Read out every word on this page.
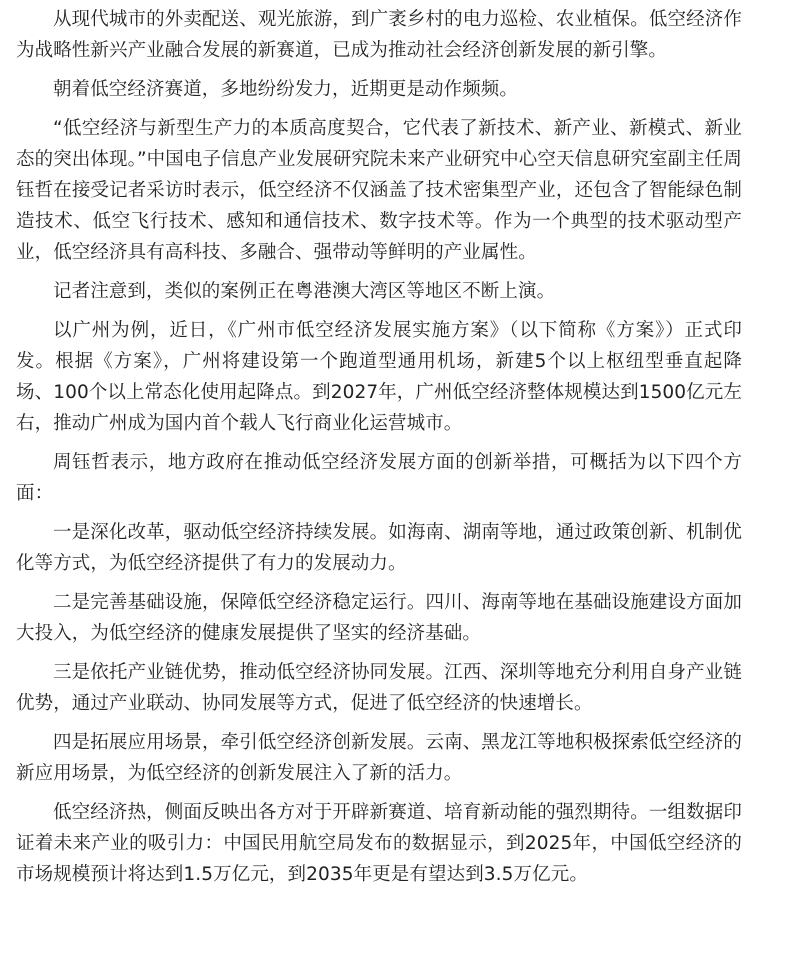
从现代城市的外卖配送、观光旅游，到广袤乡村的电力巡检、农业植保。低空经济作为战略性新兴产业融合发展的新赛道，已成为推动社会经济创新发展的新引擎。

朝着低空经济赛道，多地纷纷发力，近期更是动作频频。

“低空经济与新型生产力的本质高度契合，它代表了新技术、新产业、新模式、新业态的突出体现。”中国电子信息产业发展研究院未来产业研究中心空天信息研究室副主任周钰哲在接受记者采访时表示，低空经济不仅涵盖了技术密集型产业，还包含了智能绿色制造技术、低空飞行技术、感知和通信技术、数字技术等。作为一个典型的技术驱动型产业，低空经济具有高科技、多融合、强带动等鲜明的产业属性。

记者注意到，类似的案例正在粤港澳大湾区等地区不断上演。

以广州为例，近日，《广州市低空经济发展实施方案》（以下简称《方案》）正式印发。根据《方案》，广州将建设第一个跑道型通用机场，新建5个以上枢纽型垂直起降场、100个以上常态化使用起降点。到2027年，广州低空经济整体规模达到1500亿元左右，推动广州成为国内首个载人飞行商业化运营城市。

周钰哲表示，地方政府在推动低空经济发展方面的创新举措，可概括为以下四个方面：

一是深化改革，驱动低空经济持续发展。如海南、湖南等地，通过政策创新、机制优化等方式，为低空经济提供了有力的发展动力。

二是完善基础设施，保障低空经济稳定运行。四川、海南等地在基础设施建设方面加大投入，为低空经济的健康发展提供了坚实的经济基础。

三是依托产业链优势，推动低空经济协同发展。江西、深圳等地充分利用自身产业链优势，通过产业联动、协同发展等方式，促进了低空经济的快速增长。

四是拓展应用场景，牵引低空经济创新发展。云南、黑龙江等地积极探索低空经济的新应用场景，为低空经济的创新发展注入了新的活力。

低空经济热，侧面反映出各方对于开辟新赛道、培育新动能的强烈期待。一组数据印证着未来产业的吸引力：中国民用航空局发布的数据显示，到2025年，中国低空经济的市场规模预计将达到1.5万亿元，到2035年更是有望达到3.5万亿元。
